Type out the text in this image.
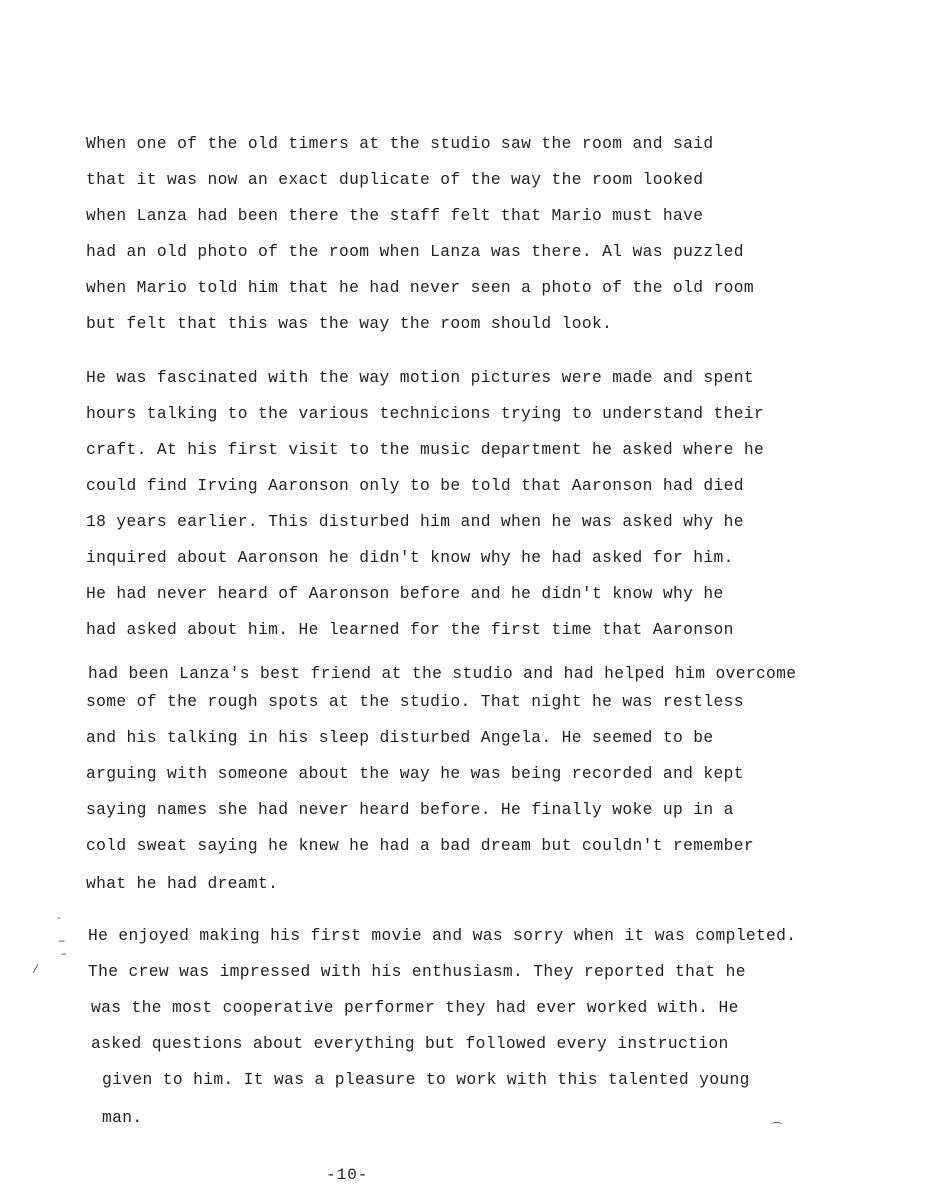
When one of the old timers at the studio saw the room and said
that it was now an exact duplicate of the way the room looked
when Lanza had been there the staff felt that Mario must have
had an old photo of the room when Lanza was there. Al was puzzled
when Mario told him that he had never seen a photo of the old room
but felt that this was the way the room should look.
He was fascinated with the way motion pictures were made and spent
hours talking to the various technicions trying to understand their
craft. At his first visit to the music department he asked where he
could find Irving Aaronson only to be told that Aaronson had died
18 years earlier. This disturbed him and when he was asked why he
inquired about Aaronson he didn't know why he had asked for him.
He had never heard of Aaronson before and he didn't know why he
had asked about him. He learned for the first time that Aaronson
had been Lanza's best friend at the studio and had helped him overcome
some of the rough spots at the studio. That night he was restless
and his talking in his sleep disturbed Angela. He seemed to be
arguing with someone about the way he was being recorded and kept
saying names she had never heard before. He finally woke up in a
cold sweat saying he knew he had a bad dream but couldn't remember
what he had dreamt.
He enjoyed making his first movie and was sorry when it was completed.
The crew was impressed with his enthusiasm. They reported that he
was the most cooperative performer they had ever worked with. He
asked questions about everything but followed every instruction
given to him. It was a pleasure to work with this talented young
man.
·
−
‒
/
⁀
-10-
